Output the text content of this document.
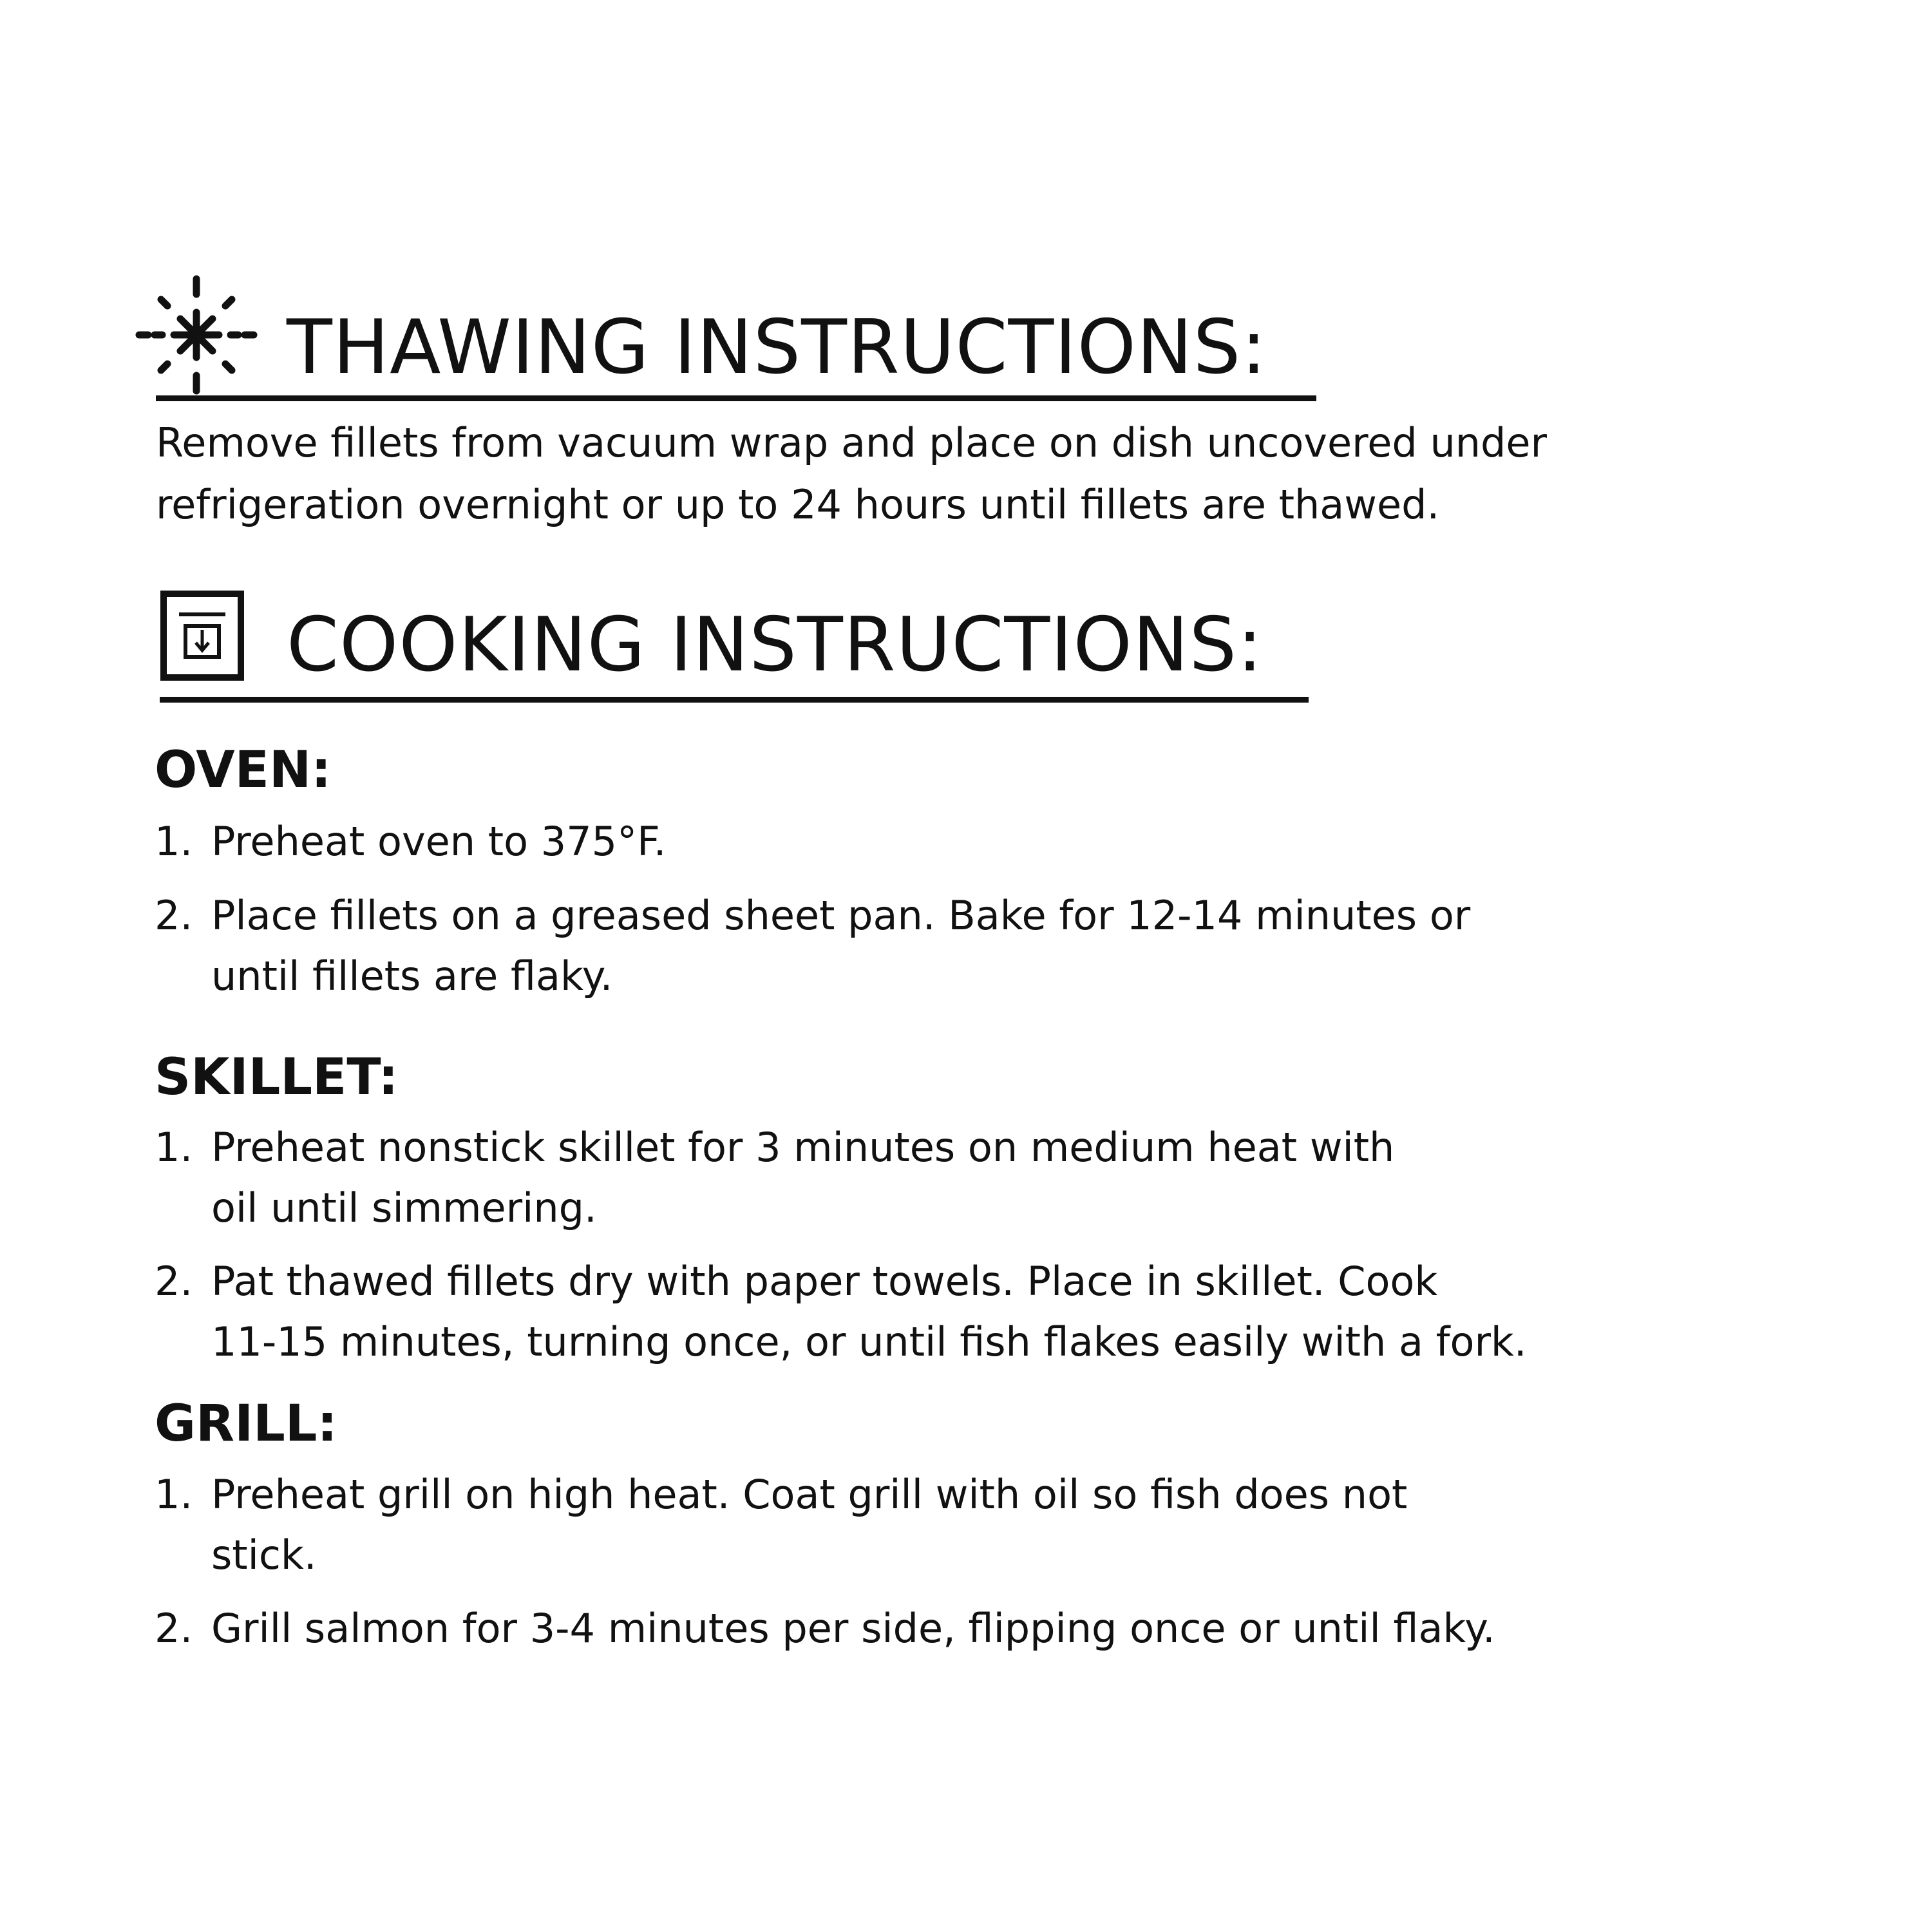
THAWING INSTRUCTIONS:
Remove fillets from vacuum wrap and place on dish uncovered under
refrigeration overnight or up to 24 hours until fillets are thawed.
COOKING INSTRUCTIONS:
OVEN:
1. Preheat oven to 375°F.
2. Place fillets on a greased sheet pan. Bake for 12-14 minutes or
until fillets are flaky.
SKILLET:
1. Preheat nonstick skillet for 3 minutes on medium heat with
oil until simmering.
2. Pat thawed fillets dry with paper towels. Place in skillet. Cook
11-15 minutes, turning once, or until fish flakes easily with a fork.
GRILL:
1. Preheat grill on high heat. Coat grill with oil so fish does not
stick.
2. Grill salmon for 3-4 minutes per side, flipping once or until flaky.
